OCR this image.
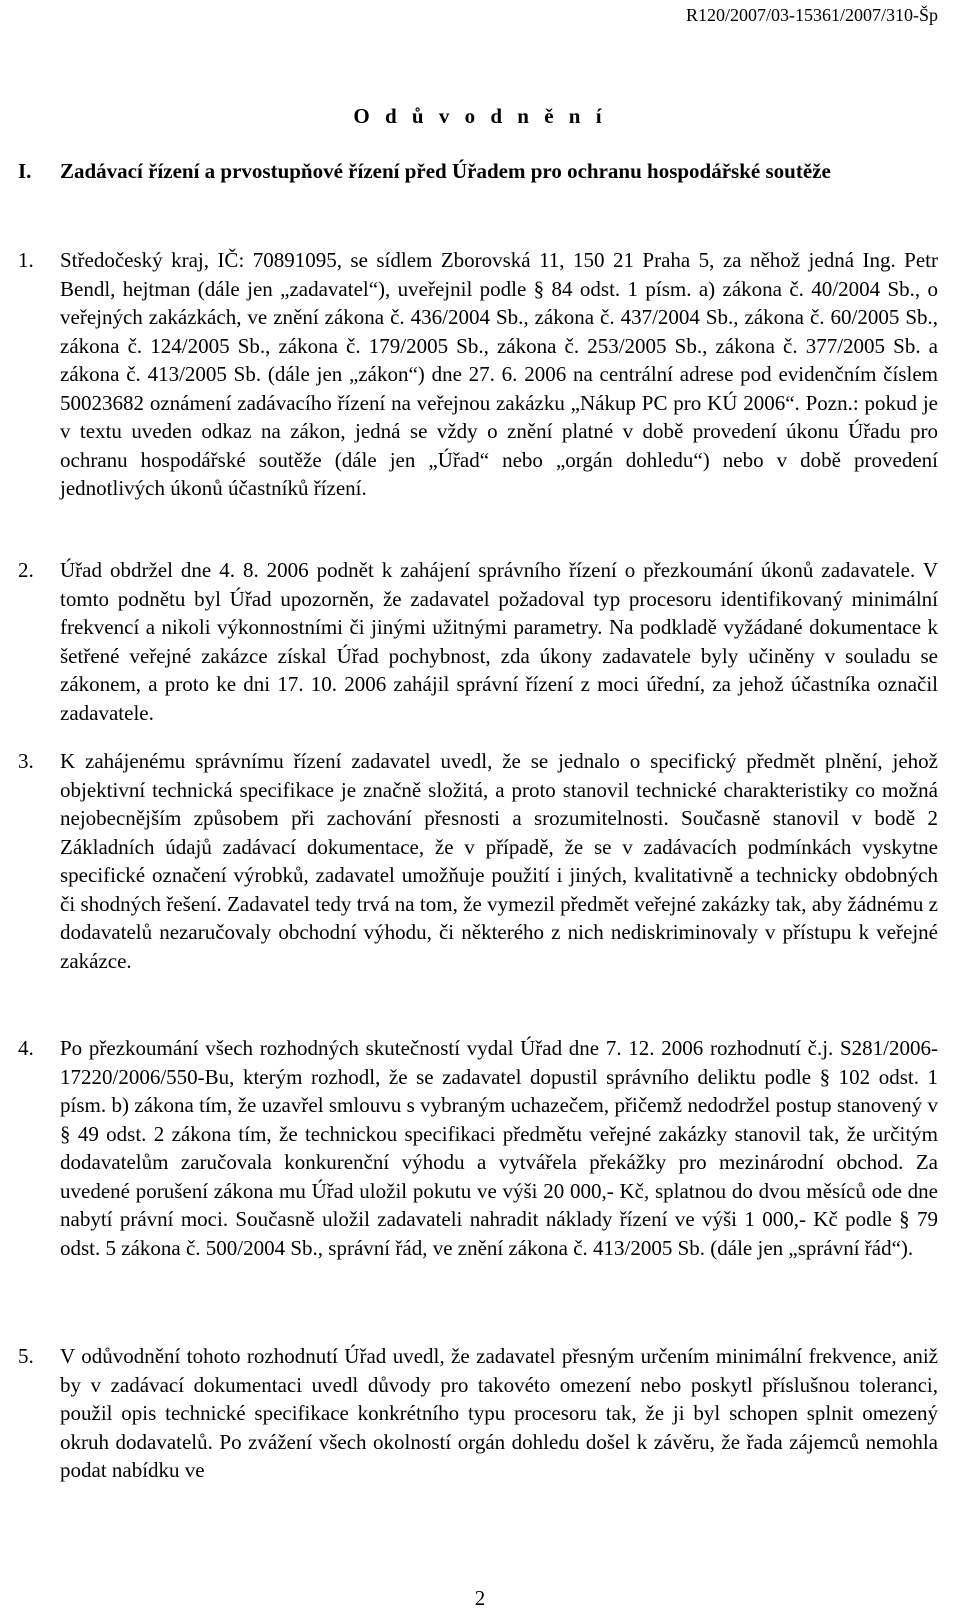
R120/2007/03-15361/2007/310-Šp
O d ů v o d n ě n í
I. Zadávací řízení a prvostupňové řízení před Úřadem pro ochranu hospodářské soutěže
1. Středočeský kraj, IČ: 70891095, se sídlem Zborovská 11, 150 21 Praha 5, za něhož jedná Ing. Petr Bendl, hejtman (dále jen „zadavatel“), uveřejnil podle § 84 odst. 1 písm. a) zákona č. 40/2004 Sb., o veřejných zakázkách, ve znění zákona č. 436/2004 Sb., zákona č. 437/2004 Sb., zákona č. 60/2005 Sb., zákona č. 124/2005 Sb., zákona č. 179/2005 Sb., zákona č. 253/2005 Sb., zákona č. 377/2005 Sb. a zákona č. 413/2005 Sb. (dále jen „zákon“) dne 27. 6. 2006 na centrální adrese pod evidenčním číslem 50023682 oznámení zadávacího řízení na veřejnou zakázku „Nákup PC pro KÚ 2006“. Pozn.: pokud je v textu uveden odkaz na zákon, jedná se vždy o znění platné v době provedení úkonu Úřadu pro ochranu hospodářské soutěže (dále jen „Úřad“ nebo „orgán dohledu“) nebo v době provedení jednotlivých úkonů účastníků řízení.
2. Úřad obdržel dne 4. 8. 2006 podnět k zahájení správního řízení o přezkoumání úkonů zadavatele. V tomto podnětu byl Úřad upozorněn, že zadavatel požadoval typ procesoru identifikovaný minimální frekvencí a nikoli výkonnostními či jinými užitnými parametry. Na podkladě vyžádané dokumentace k šetřené veřejné zakázce získal Úřad pochybnost, zda úkony zadavatele byly učiněny v souladu se zákonem, a proto ke dni 17. 10. 2006 zahájil správní řízení z moci úřední, za jehož účastníka označil zadavatele.
3. K zahájenému správnímu řízení zadavatel uvedl, že se jednalo o specifický předmět plnění, jehož objektivní technická specifikace je značně složitá, a proto stanovil technické charakteristiky co možná nejobecnějším způsobem při zachování přesnosti a srozumitelnosti. Současně stanovil v bodě 2 Základních údajů zadávací dokumentace, že v případě, že se v zadávacích podmínkách vyskytne specifické označení výrobků, zadavatel umožňuje použití i jiných, kvalitativně a technicky obdobných či shodných řešení. Zadavatel tedy trvá na tom, že vymezil předmět veřejné zakázky tak, aby žádnému z dodavatelů nezaručovaly obchodní výhodu, či některého z nich nediskriminovaly v přístupu k veřejné zakázce.
4. Po přezkoumání všech rozhodných skutečností vydal Úřad dne 7. 12. 2006 rozhodnutí č.j. S281/2006-17220/2006/550-Bu, kterým rozhodl, že se zadavatel dopustil správního deliktu podle § 102 odst. 1 písm. b) zákona tím, že uzavřel smlouvu s vybraným uchazečem, přičemž nedodržel postup stanovený v § 49 odst. 2 zákona tím, že technickou specifikaci předmětu veřejné zakázky stanovil tak, že určitým dodavatelům zaručovala konkurenční výhodu a vytvářela překážky pro mezinárodní obchod. Za uvedené porušení zákona mu Úřad uložil pokutu ve výši 20 000,- Kč, splatnou do dvou měsíců ode dne nabytí právní moci. Současně uložil zadavateli nahradit náklady řízení ve výši 1 000,- Kč podle § 79 odst. 5 zákona č. 500/2004 Sb., správní řád, ve znění zákona č. 413/2005 Sb. (dále jen „správní řád“).
5. V odůvodnění tohoto rozhodnutí Úřad uvedl, že zadavatel přesným určením minimální frekvence, aniž by v zadávací dokumentaci uvedl důvody pro takovéto omezení nebo poskytl příslušnou toleranci, použil opis technické specifikace konkrétního typu procesoru tak, že ji byl schopen splnit omezený okruh dodavatelů. Po zvážení všech okolností orgán dohledu došel k závěru, že řada zájemců nemohla podat nabídku ve
2
